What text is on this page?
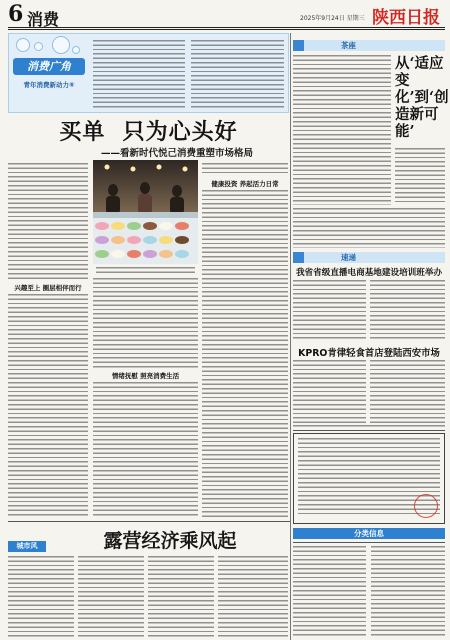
6 消费	2025年9月24日 星期三 陕西日报
消费广角
青年消费新动力⑥
买单  只为心头好
——看新时代悦己消费重塑市场格局
兴趣至上 圈层相伴而行
情绪抚慰 照亮消费生活
健康投资 养起活力日常
茶座
从‘适应变化’到‘创造新可能’
速递
我省省级直播电商基地建设培训班举办
KPRO肯律轻食首店登陆西安市场
分类信息
露营经济乘风起
城市风
